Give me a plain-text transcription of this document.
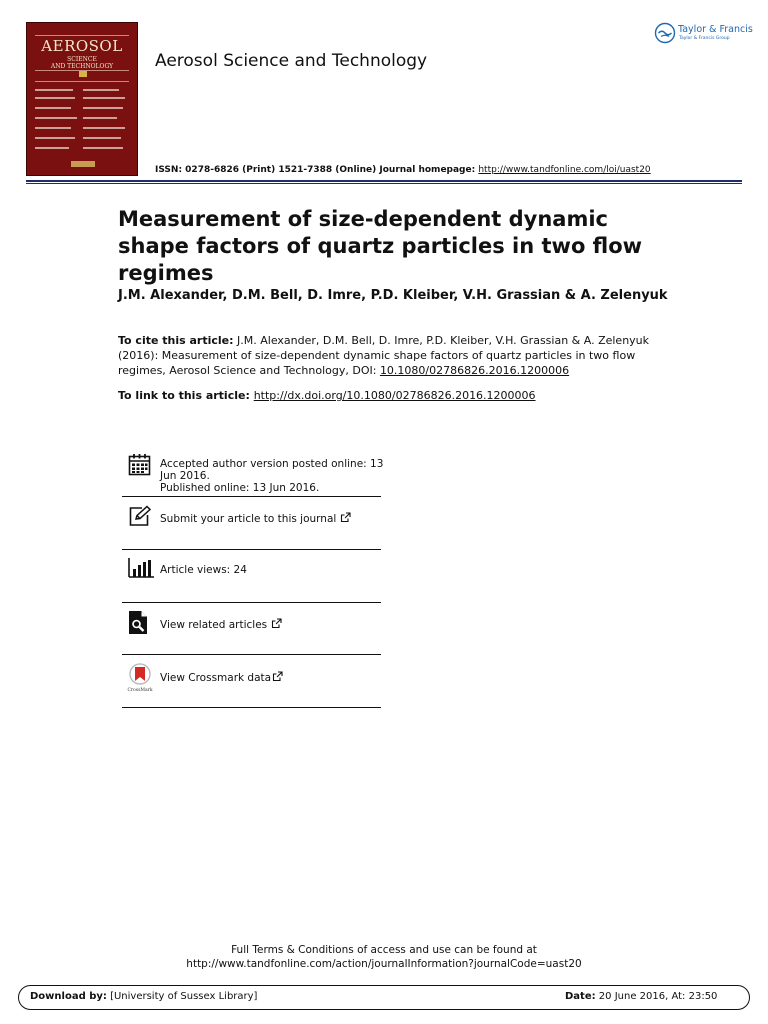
AEROSOL
SCIENCE
AND TECHNOLOGY	Aerosol Science and Technology
ISSN: 0278-6826 (Print) 1521-7388 (Online) Journal homepage: http://www.tandfonline.com/loi/uast20
Taylor & Francis
Taylor & Francis Group
Measurement of size-dependent dynamic shape factors of quartz particles in two flow regimes
J.M. Alexander, D.M. Bell, D. Imre, P.D. Kleiber, V.H. Grassian & A. Zelenyuk
To cite this article: J.M. Alexander, D.M. Bell, D. Imre, P.D. Kleiber, V.H. Grassian & A. Zelenyuk (2016): Measurement of size-dependent dynamic shape factors of quartz particles in two flow regimes, Aerosol Science and Technology, DOI: 10.1080/02786826.2016.1200006
To link to this article: http://dx.doi.org/10.1080/02786826.2016.1200006
Accepted author version posted online: 13
Jun 2016.
Published online: 13 Jun 2016.
Submit your article to this journal
Article views: 24
View related articles
CrossMark
View Crossmark data
Full Terms & Conditions of access and use can be found at
http://www.tandfonline.com/action/journalInformation?journalCode=uast20
Download by: [University of Sussex Library]	Date: 20 June 2016, At: 23:50
